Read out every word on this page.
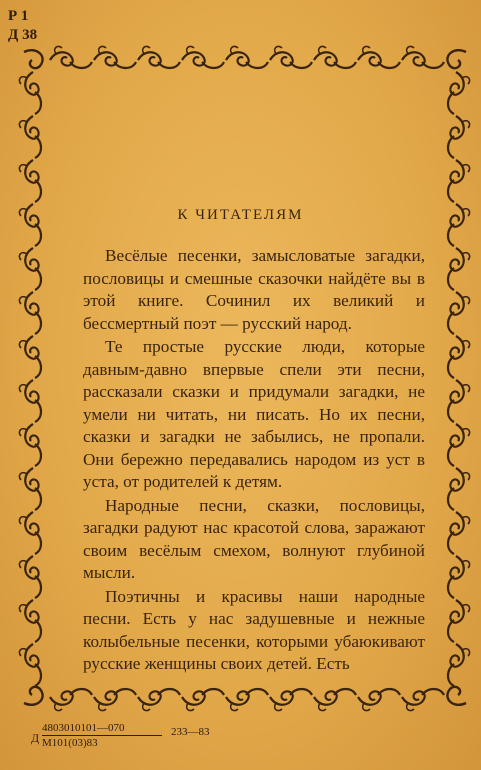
Р 1
Д 38
К ЧИТАТЕЛЯМ

Весёлые песенки, замысловатые загадки, пословицы и смешные сказочки найдёте вы в этой книге. Сочинил их великий и бессмертный поэт — русский народ.

Те простые русские люди, которые давным-давно впервые спели эти песни, рассказали сказки и придумали загадки, не умели ни читать, ни писать. Но их песни, сказки и загадки не забылись, не пропали. Они бережно передавались народом из уст в уста, от родителей к детям.

Народные песни, сказки, пословицы, загадки радуют нас красотой слова, заражают своим весёлым смехом, волнуют глубиной мысли.

Поэтичны и красивы наши народные песни. Есть у нас задушевные и нежные колыбельные песенки, которыми убаюкивают русские женщины своих детей. Есть

Д
4803010101—070
М101(03)83
233—83
